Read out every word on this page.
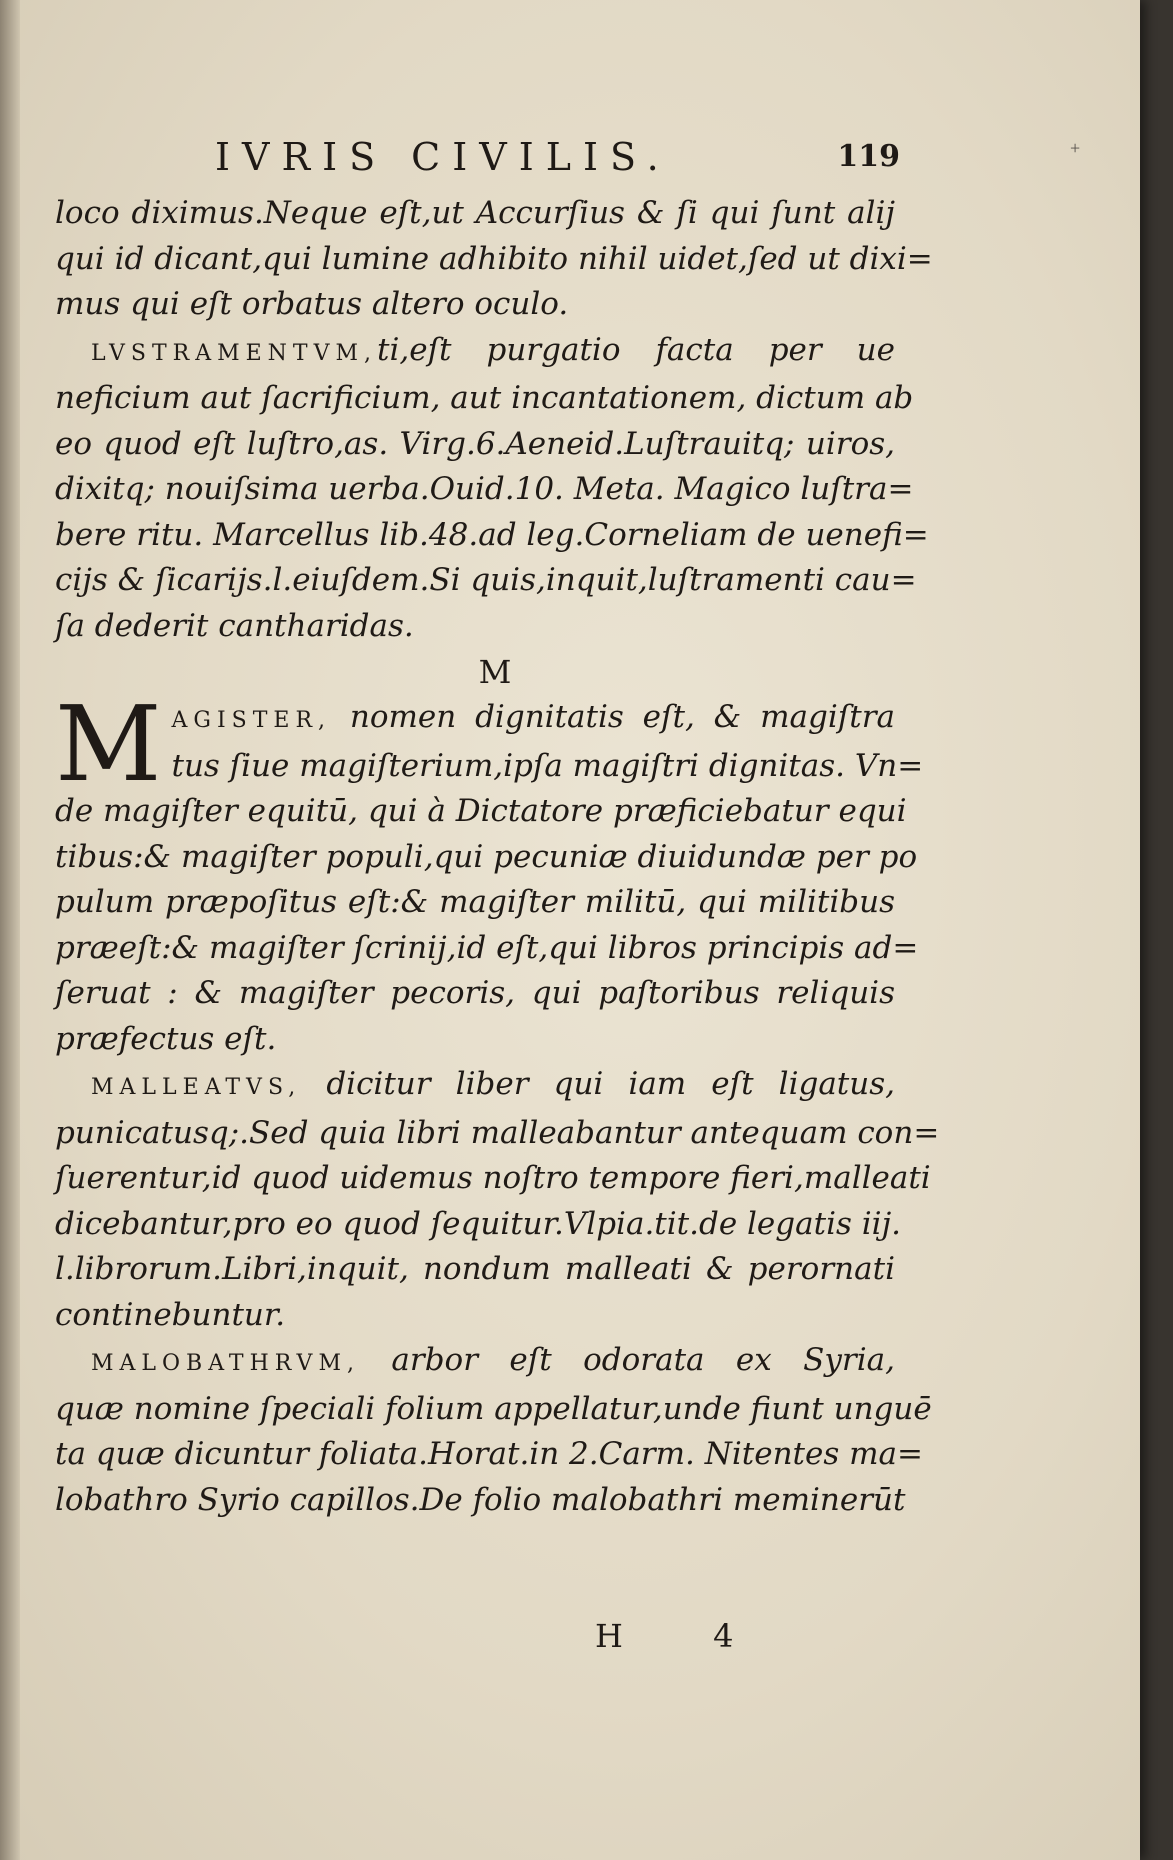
+
IVRIS CIVILIS.	119

loco diximus.Neque eſt,ut Accurſius & ſi qui ſunt alij
qui id dicant,qui lumine adhibito nihil uidet,ſed ut dixi=
mus qui eſt orbatus altero oculo.

LVSTRAMENTVM,ti,eſt purgatio facta per ue
neficium aut ſacrificium, aut incantationem, dictum ab
eo quod eſt luſtro,as. Virg.6.Aeneid.Luſtrauitq; uiros,
dixitq; nouiſsima uerba.Ouid.10. Meta. Magico luſtra=
bere ritu. Marcellus lib.48.ad leg.Corneliam de uenefi=
cijs & ſicarijs.l.eiuſdem.Si quis,inquit,luſtramenti cau=
ſa dederit cantharidas.

M
M AGISTER, nomen dignitatis eſt, & magiſtra
tus ſiue magiſterium,ipſa magiſtri dignitas. Vn=
de magiſter equitū, qui à Dictatore præficiebatur equi
tibus:& magiſter populi,qui pecuniæ diuidundæ per po
pulum præpoſitus eſt:& magiſter militū, qui militibus
præeſt:& magiſter ſcrinij,id eſt,qui libros principis ad=
ſeruat : & magiſter pecoris, qui paſtoribus reliquis
præfectus eſt.

MALLEATVS, dicitur liber qui iam eſt ligatus,
punicatusq;.Sed quia libri malleabantur antequam con=
ſuerentur,id quod uidemus noſtro tempore fieri,malleati
dicebantur,pro eo quod ſequitur.Vlpia.tit.de legatis iij.
l.librorum.Libri,inquit, nondum malleati & perornati
continebuntur.

MALOBATHRVM, arbor eſt odorata ex Syria,
quæ nomine ſpeciali folium appellatur,unde fiunt unguē
ta quæ dicuntur foliata.Horat.in 2.Carm. Nitentes ma=
lobathro Syrio capillos.De folio malobathri meminerūt

H 4
